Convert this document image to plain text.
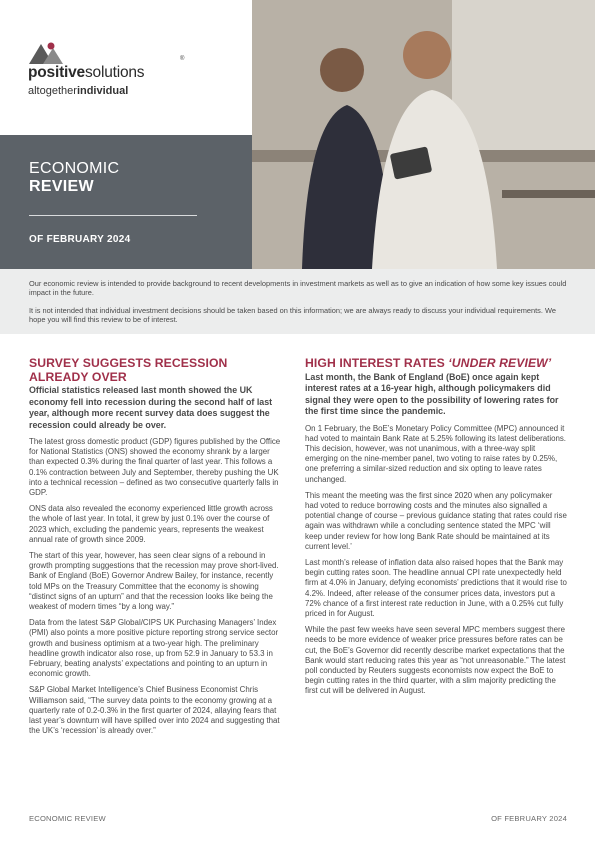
positivesolutions
®
altogetherindividual
ECONOMIC
REVIEW
OF FEBRUARY 2024

Our economic review is intended to provide background to recent developments in investment markets as well as to give an indication of how some key issues could impact in the future.

It is not intended that individual investment decisions should be taken based on this information; we are always ready to discuss your individual requirements. We hope you will find this review to be of interest.

SURVEY SUGGESTS RECESSION ALREADY OVER

Official statistics released last month showed the UK economy fell into recession during the second half of last year, although more recent survey data does suggest the recession could already be over.

The latest gross domestic product (GDP) figures published by the Office for National Statistics (ONS) showed the economy shrank by a larger than expected 0.3% during the final quarter of last year. This follows a 0.1% contraction between July and September, thereby pushing the UK into a technical recession – defined as two consecutive quarterly falls in GDP.

ONS data also revealed the economy experienced little growth across the whole of last year. In total, it grew by just 0.1% over the course of 2023 which, excluding the pandemic years, represents the weakest annual rate of growth since 2009.

The start of this year, however, has seen clear signs of a rebound in growth prompting suggestions that the recession may prove short-lived. Bank of England (BoE) Governor Andrew Bailey, for instance, recently told MPs on the Treasury Committee that the economy is showing “distinct signs of an upturn” and that the recession looks like being the weakest of modern times “by a long way.”

Data from the latest S&P Global/CIPS UK Purchasing Managers’ Index (PMI) also points a more positive picture reporting strong service sector growth and business optimism at a two-year high. The preliminary headline growth indicator also rose, up from 52.9 in January to 53.3 in February, beating analysts’ expectations and pointing to an upturn in economic growth.

S&P Global Market Intelligence’s Chief Business Economist Chris Williamson said, “The survey data points to the economy growing at a quarterly rate of 0.2-0.3% in the first quarter of 2024, allaying fears that last year’s downturn will have spilled over into 2024 and suggesting that the UK’s ‘recession’ is already over.”

HIGH INTEREST RATES ‘UNDER REVIEW’

Last month, the Bank of England (BoE) once again kept interest rates at a 16-year high, although policymakers did signal they were open to the possibility of lowering rates for the first time since the pandemic.

On 1 February, the BoE’s Monetary Policy Committee (MPC) announced it had voted to maintain Bank Rate at 5.25% following its latest deliberations. This decision, however, was not unanimous, with a three-way split emerging on the nine-member panel, two voting to raise rates by 0.25%, one preferring a similar-sized reduction and six opting to leave rates unchanged.

This meant the meeting was the first since 2020 when any policymaker had voted to reduce borrowing costs and the minutes also signalled a potential change of course – previous guidance stating that rates could rise again was withdrawn while a concluding sentence stated the MPC ‘will keep under review for how long Bank Rate should be maintained at its current level.’

Last month’s release of inflation data also raised hopes that the Bank may begin cutting rates soon. The headline annual CPI rate unexpectedly held firm at 4.0% in January, defying economists’ predictions that it would rise to 4.2%. Indeed, after release of the consumer prices data, investors put a 72% chance of a first interest rate reduction in June, with a 0.25% cut fully priced in for August.

While the past few weeks have seen several MPC members suggest there needs to be more evidence of weaker price pressures before rates can be cut, the BoE’s Governor did recently describe market expectations that the Bank would start reducing rates this year as “not unreasonable.” The latest poll conducted by Reuters suggests economists now expect the BoE to begin cutting rates in the third quarter, with a slim majority predicting the first cut will be delivered in August.

ECONOMIC REVIEW	OF FEBRUARY 2024
